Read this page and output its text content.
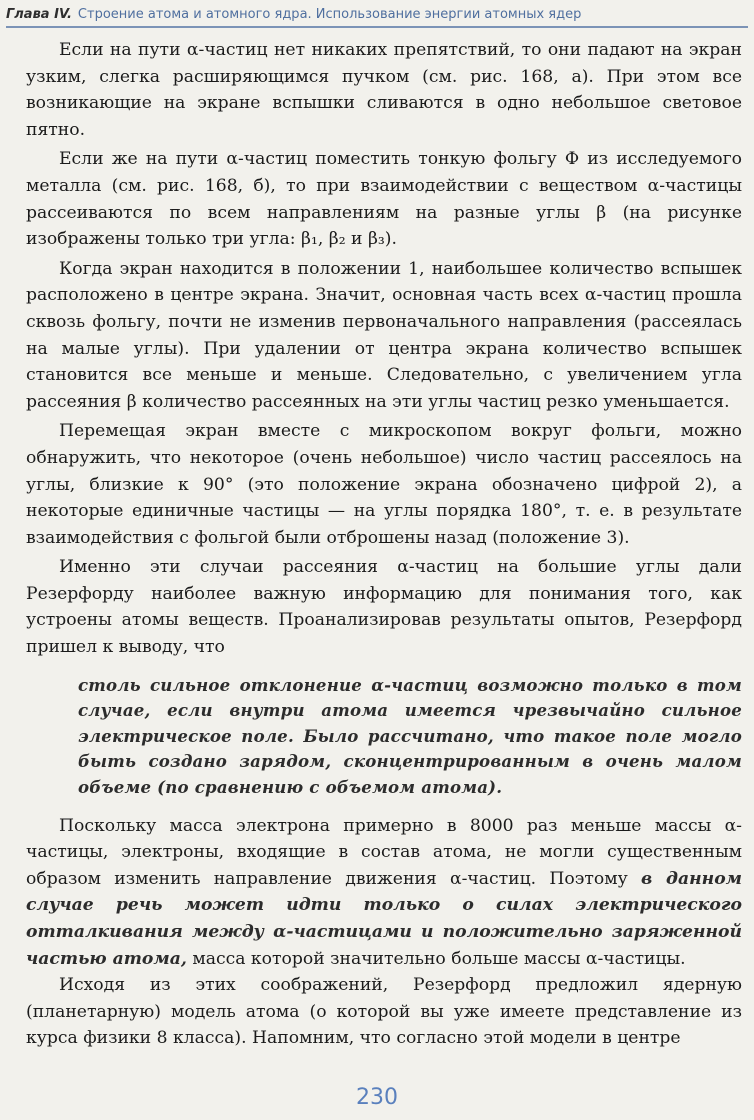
Глава IV. Строение атома и атомного ядра. Использование энергии атомных ядер

Если на пути α-частиц нет никаких препятствий, то они падают на экран узким, слегка расширяющимся пучком (см. рис. 168, а). При этом все возникающие на экране вспышки сливаются в одно небольшое световое пятно.

Если же на пути α-частиц поместить тонкую фольгу Ф из исследуемого металла (см. рис. 168, б), то при взаимодействии с веществом α-частицы рассеиваются по всем направлениям на разные углы β (на рисунке изображены только три угла: β₁, β₂ и β₃).

Когда экран находится в положении 1, наибольшее количество вспышек расположено в центре экрана. Значит, основная часть всех α-частиц прошла сквозь фольгу, почти не изменив первоначального направления (рассеялась на малые углы). При удалении от центра экрана количество вспышек становится все меньше и меньше. Следовательно, с увеличением угла рассеяния β количество рассеянных на эти углы частиц резко уменьшается.

Перемещая экран вместе с микроскопом вокруг фольги, можно обнаружить, что некоторое (очень небольшое) число частиц рассеялось на углы, близкие к 90° (это положение экрана обозначено цифрой 2), а некоторые единичные частицы — на углы порядка 180°, т. е. в результате взаимодействия с фольгой были отброшены назад (положение 3).

Именно эти случаи рассеяния α-частиц на большие углы дали Резерфорду наиболее важную информацию для понимания того, как устроены атомы веществ. Проанализировав результаты опытов, Резерфорд пришел к выводу, что

столь сильное отклонение α-частиц возможно только в том случае, если внутри атома имеется чрезвычайно сильное электрическое поле. Было рассчитано, что такое поле могло быть создано зарядом, сконцентрированным в очень малом объеме (по сравнению с объемом атома).

Поскольку масса электрона примерно в 8000 раз меньше массы α-частицы, электроны, входящие в состав атома, не могли существенным образом изменить направление движения α-частиц. Поэтому в данном случае речь может идти только о силах электрического отталкивания между α-частицами и положительно заряженной частью атома, масса которой значительно больше массы α-частицы.

Исходя из этих соображений, Резерфорд предложил ядерную (планетарную) модель атома (о которой вы уже имеете представление из курса физики 8 класса). Напомним, что согласно этой модели в центре

230
